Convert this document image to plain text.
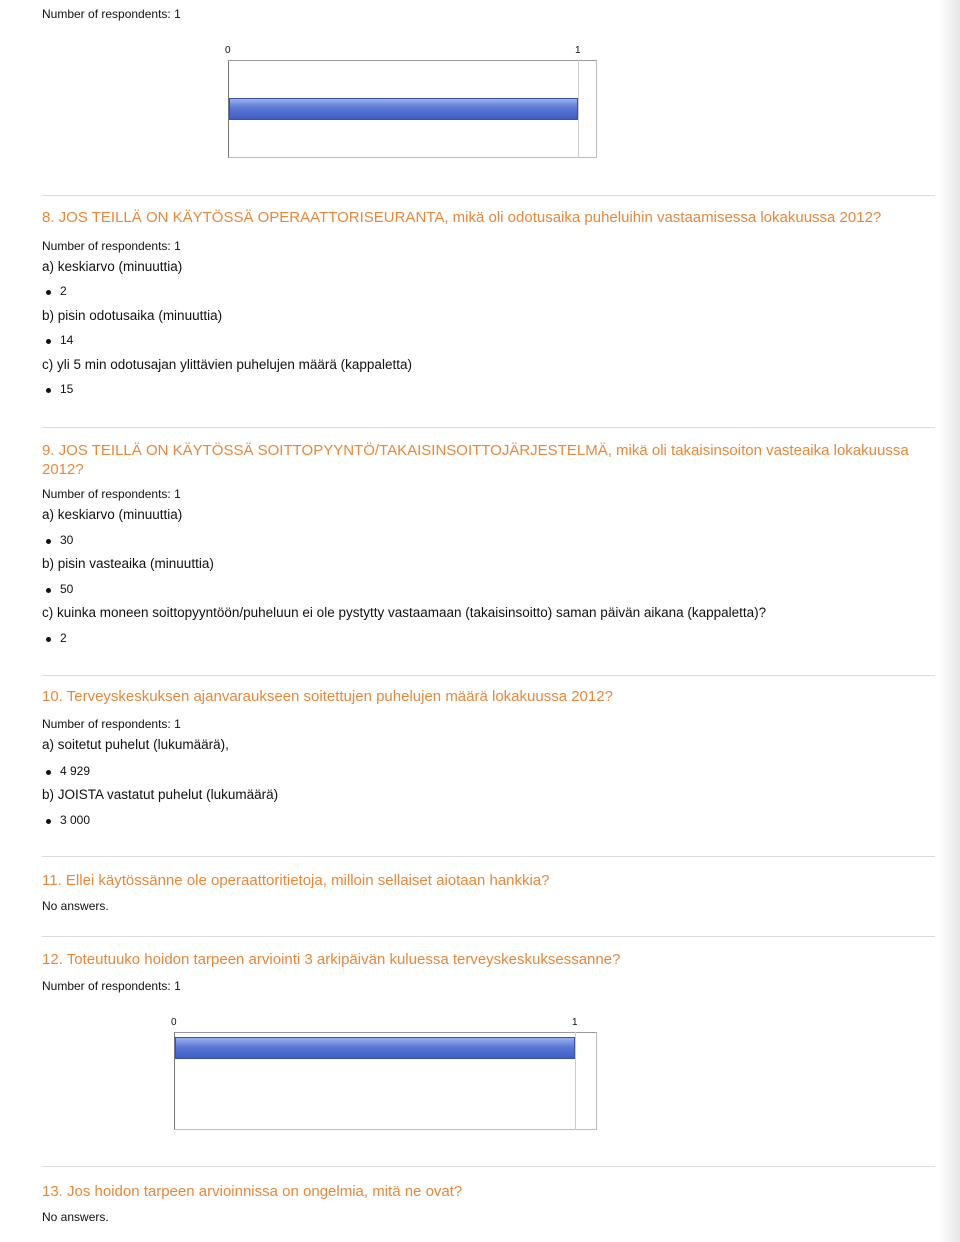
Number of respondents: 1
0	1
8. JOS TEILLÄ ON KÄYTÖSSÄ OPERAATTORISEURANTA, mikä oli odotusaika puheluihin vastaamisessa lokakuussa 2012?
Number of respondents: 1
a) keskiarvo (minuuttia)
2
b) pisin odotusaika (minuuttia)
14
c) yli 5 min odotusajan ylittävien puhelujen määrä (kappaletta)
15
9. JOS TEILLÄ ON KÄYTÖSSÄ SOITTOPYYNTÖ/TAKAISINSOITTOJÄRJESTELMÄ, mikä oli takaisinsoiton vasteaika lokakuussa
2012?
Number of respondents: 1
a) keskiarvo (minuuttia)
30
b) pisin vasteaika (minuuttia)
50
c) kuinka moneen soittopyyntöön/puheluun ei ole pystytty vastaamaan (takaisinsoitto) saman päivän aikana (kappaletta)?
2
10. Terveyskeskuksen ajanvaraukseen soitettujen puhelujen määrä lokakuussa 2012?
Number of respondents: 1
a) soitetut puhelut (lukumäärä),
4 929
b) JOISTA vastatut puhelut (lukumäärä)
3 000
11. Ellei käytössänne ole operaattoritietoja, milloin sellaiset aiotaan hankkia?
No answers.
12. Toteutuuko hoidon tarpeen arviointi 3 arkipäivän kuluessa terveyskeskuksessanne?
Number of respondents: 1
0	1
13. Jos hoidon tarpeen arvioinnissa on ongelmia, mitä ne ovat?
No answers.
